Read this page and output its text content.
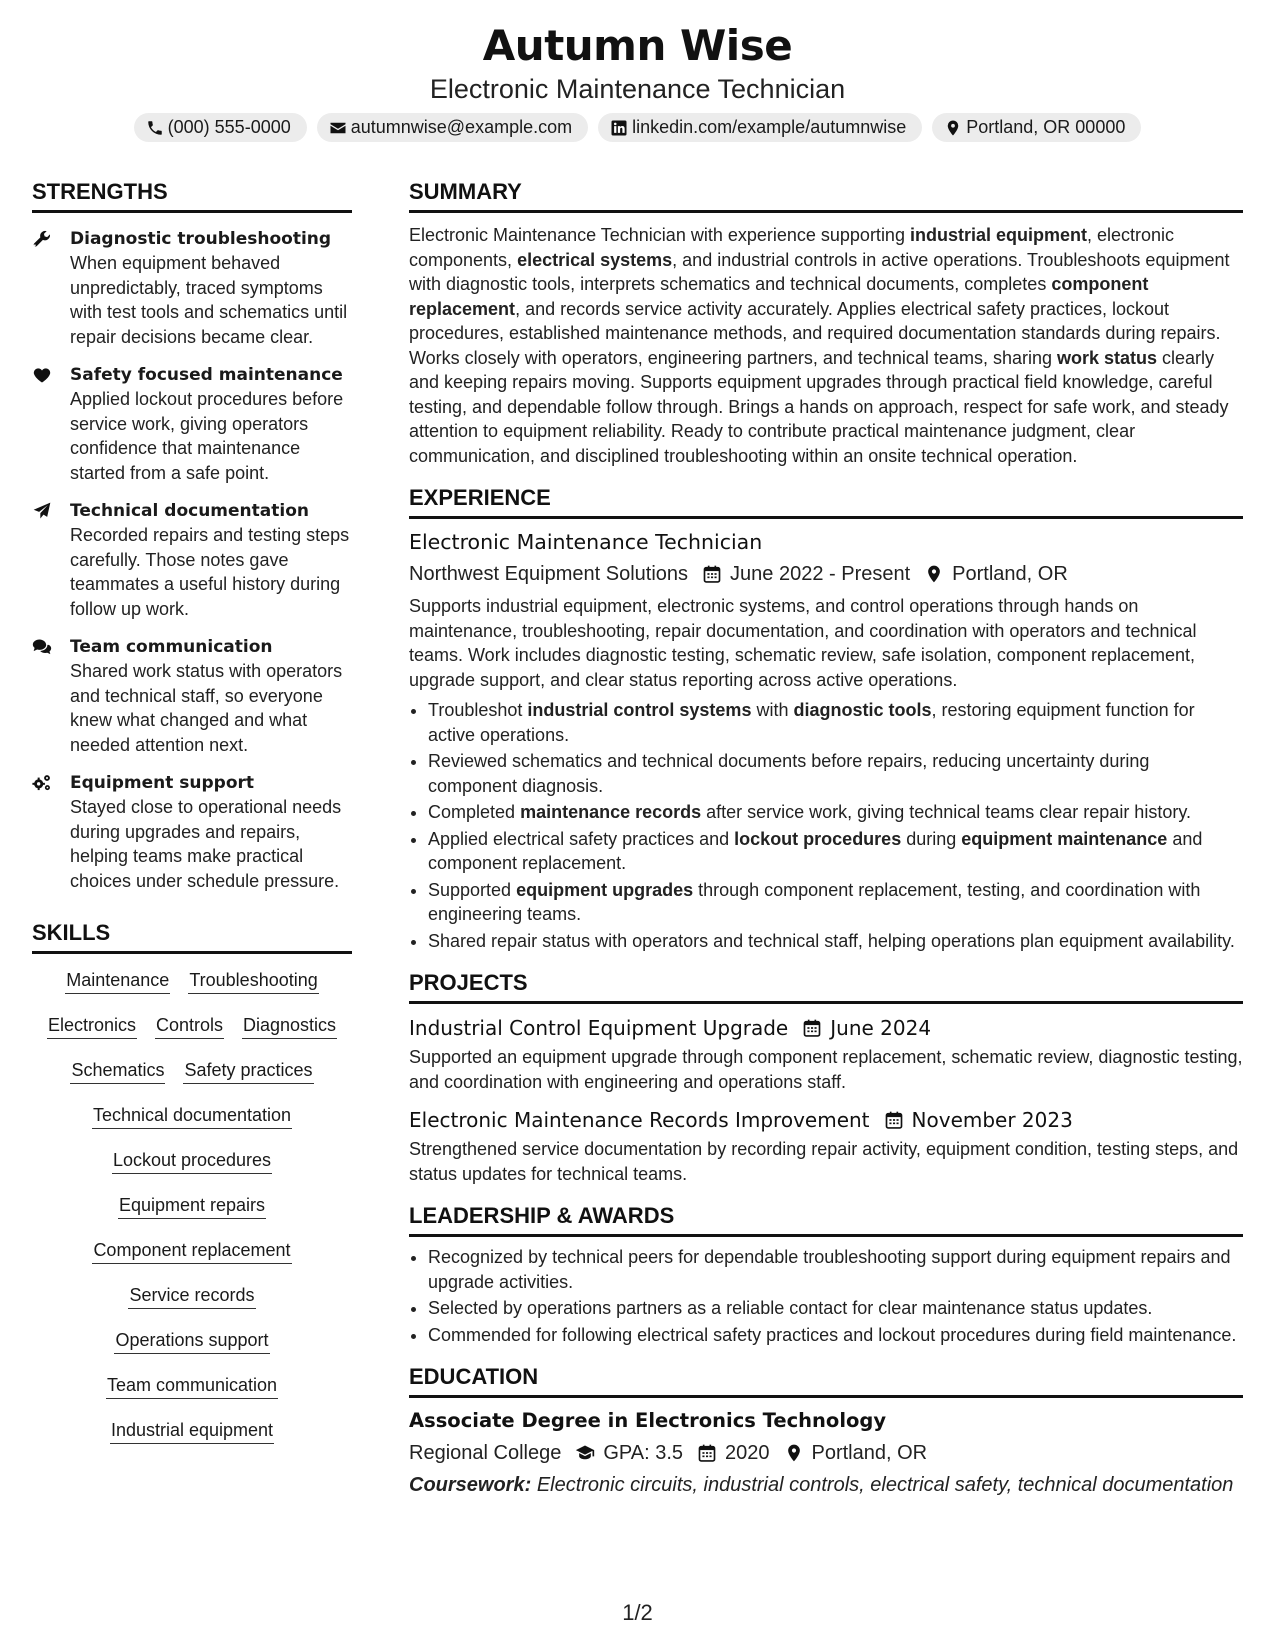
Autumn Wise
Electronic Maintenance Technician
(000) 555-0000	autumnwise@example.com	linkedin.com/example/autumnwise	Portland, OR 00000
STRENGTHS
Diagnostic troubleshooting
When equipment behaved unpredictably, traced symptoms with test tools and schematics until repair decisions became clear.
Safety focused maintenance
Applied lockout procedures before service work, giving operators confidence that maintenance started from a safe point.
Technical documentation
Recorded repairs and testing steps carefully. Those notes gave teammates a useful history during follow up work.
Team communication
Shared work status with operators and technical staff, so everyone knew what changed and what needed attention next.
Equipment support
Stayed close to operational needs during upgrades and repairs, helping teams make practical choices under schedule pressure.
SKILLS
Maintenance Troubleshooting
Electronics Controls Diagnostics
Schematics Safety practices
Technical documentation
Lockout procedures
Equipment repairs
Component replacement
Service records
Operations support
Team communication
Industrial equipment
SUMMARY

Electronic Maintenance Technician with experience supporting industrial equipment, electronic components, electrical systems, and industrial controls in active operations. Troubleshoots equipment with diagnostic tools, interprets schematics and technical documents, completes component replacement, and records service activity accurately. Applies electrical safety practices, lockout procedures, established maintenance methods, and required documentation standards during repairs. Works closely with operators, engineering partners, and technical teams, sharing work status clearly and keeping repairs moving. Supports equipment upgrades through practical field knowledge, careful testing, and dependable follow through. Brings a hands on approach, respect for safe work, and steady attention to equipment reliability. Ready to contribute practical maintenance judgment, clear communication, and disciplined troubleshooting within an onsite technical operation.

EXPERIENCE
Electronic Maintenance Technician
Northwest Equipment Solutions June 2022 - Present Portland, OR

Supports industrial equipment, electronic systems, and control operations through hands on maintenance, troubleshooting, repair documentation, and coordination with operators and technical teams. Work includes diagnostic testing, schematic review, safe isolation, component replacement, upgrade support, and clear status reporting across active operations.

• Troubleshot industrial control systems with diagnostic tools, restoring equipment function for active operations.
• Reviewed schematics and technical documents before repairs, reducing uncertainty during component diagnosis.
• Completed maintenance records after service work, giving technical teams clear repair history.
• Applied electrical safety practices and lockout procedures during equipment maintenance and component replacement.
• Supported equipment upgrades through component replacement, testing, and coordination with engineering teams.
• Shared repair status with operators and technical staff, helping operations plan equipment availability.
PROJECTS
Industrial Control Equipment Upgrade June 2024

Supported an equipment upgrade through component replacement, schematic review, diagnostic testing, and coordination with engineering and operations staff.

Electronic Maintenance Records Improvement November 2023

Strengthened service documentation by recording repair activity, equipment condition, testing steps, and status updates for technical teams.

LEADERSHIP & AWARDS
• Recognized by technical peers for dependable troubleshooting support during equipment repairs and upgrade activities.
• Selected by operations partners as a reliable contact for clear maintenance status updates.
• Commended for following electrical safety practices and lockout procedures during field maintenance.
EDUCATION
Associate Degree in Electronics Technology
Regional College GPA: 3.5 2020 Portland, OR
Coursework: Electronic circuits, industrial controls, electrical safety, technical documentation
1/2
